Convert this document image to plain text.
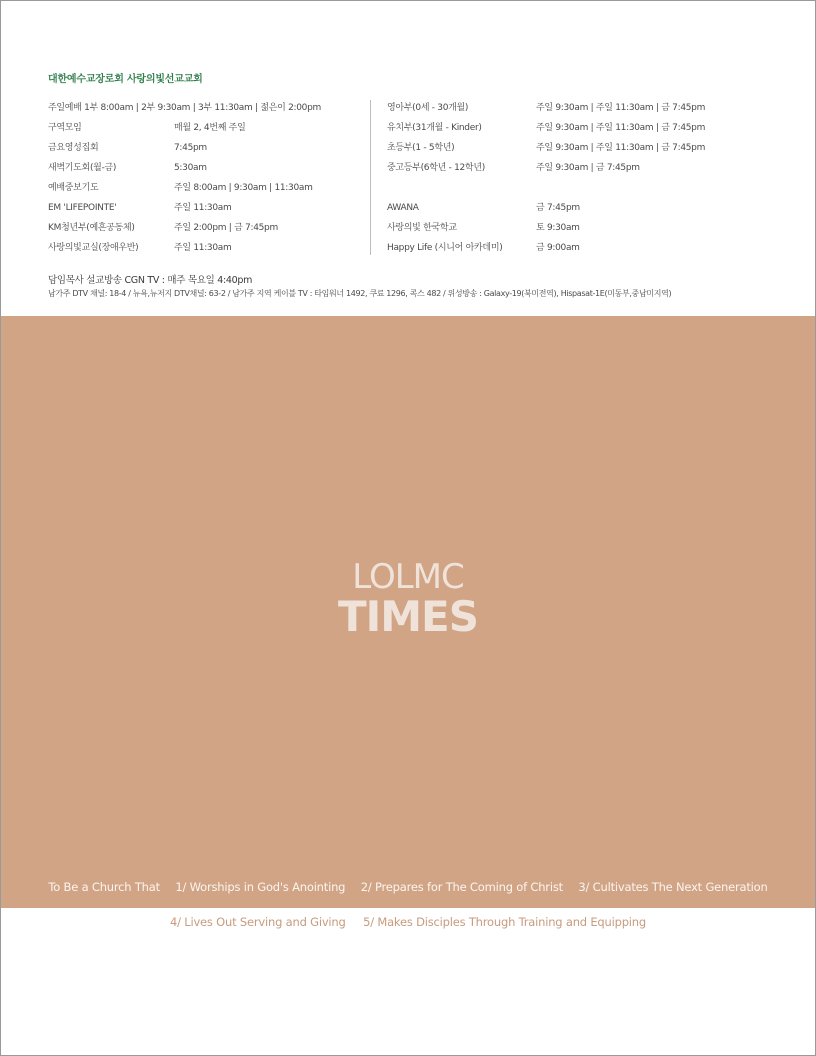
대한예수교장로회 사랑의빛선교교회
주일예배 1부 8:00am | 2부 9:30am | 3부 11:30am | 젊은이 2:00pm
구역모임	매월 2, 4번째 주일
금요영성집회	7:45pm
새벽기도회(월-금)	5:30am
예배중보기도	주일 8:00am | 9:30am | 11:30am
EM 'LIFEPOINTE'	주일 11:30am
KM청년부(예흔공동체)	주일 2:00pm | 금 7:45pm
사랑의빛교실(장애우반)	주일 11:30am
영아부(0세 - 30개월)	주일 9:30am | 주일 11:30am | 금 7:45pm
유치부(31개월 - Kinder)	주일 9:30am | 주일 11:30am | 금 7:45pm
초등부(1 - 5학년)	주일 9:30am | 주일 11:30am | 금 7:45pm
중고등부(6학년 - 12학년)	주일 9:30am | 금 7:45pm
AWANA	금 7:45pm
사랑의빛 한국학교	토 9:30am
Happy Life (시니어 아카데미)	금 9:00am
담임목사 설교방송 CGN TV : 매주 목요일 4:40pm
남가주 DTV 채널: 18-4 / 뉴욕,뉴저지 DTV채널: 63-2 / 남가주 지역 케이블 TV : 타임워너 1492, 쿠료 1296, 콕스 482 / 위성방송 : Galaxy-19(북미전역), Hispasat-1E(미동부,중남미지역)
LOLMC
TIMES
To Be a Church That 1/ Worships in God's Anointing 2/ Prepares for The Coming of Christ 3/ Cultivates The Next Generation
4/ Lives Out Serving and Giving 5/ Makes Disciples Through Training and Equipping
